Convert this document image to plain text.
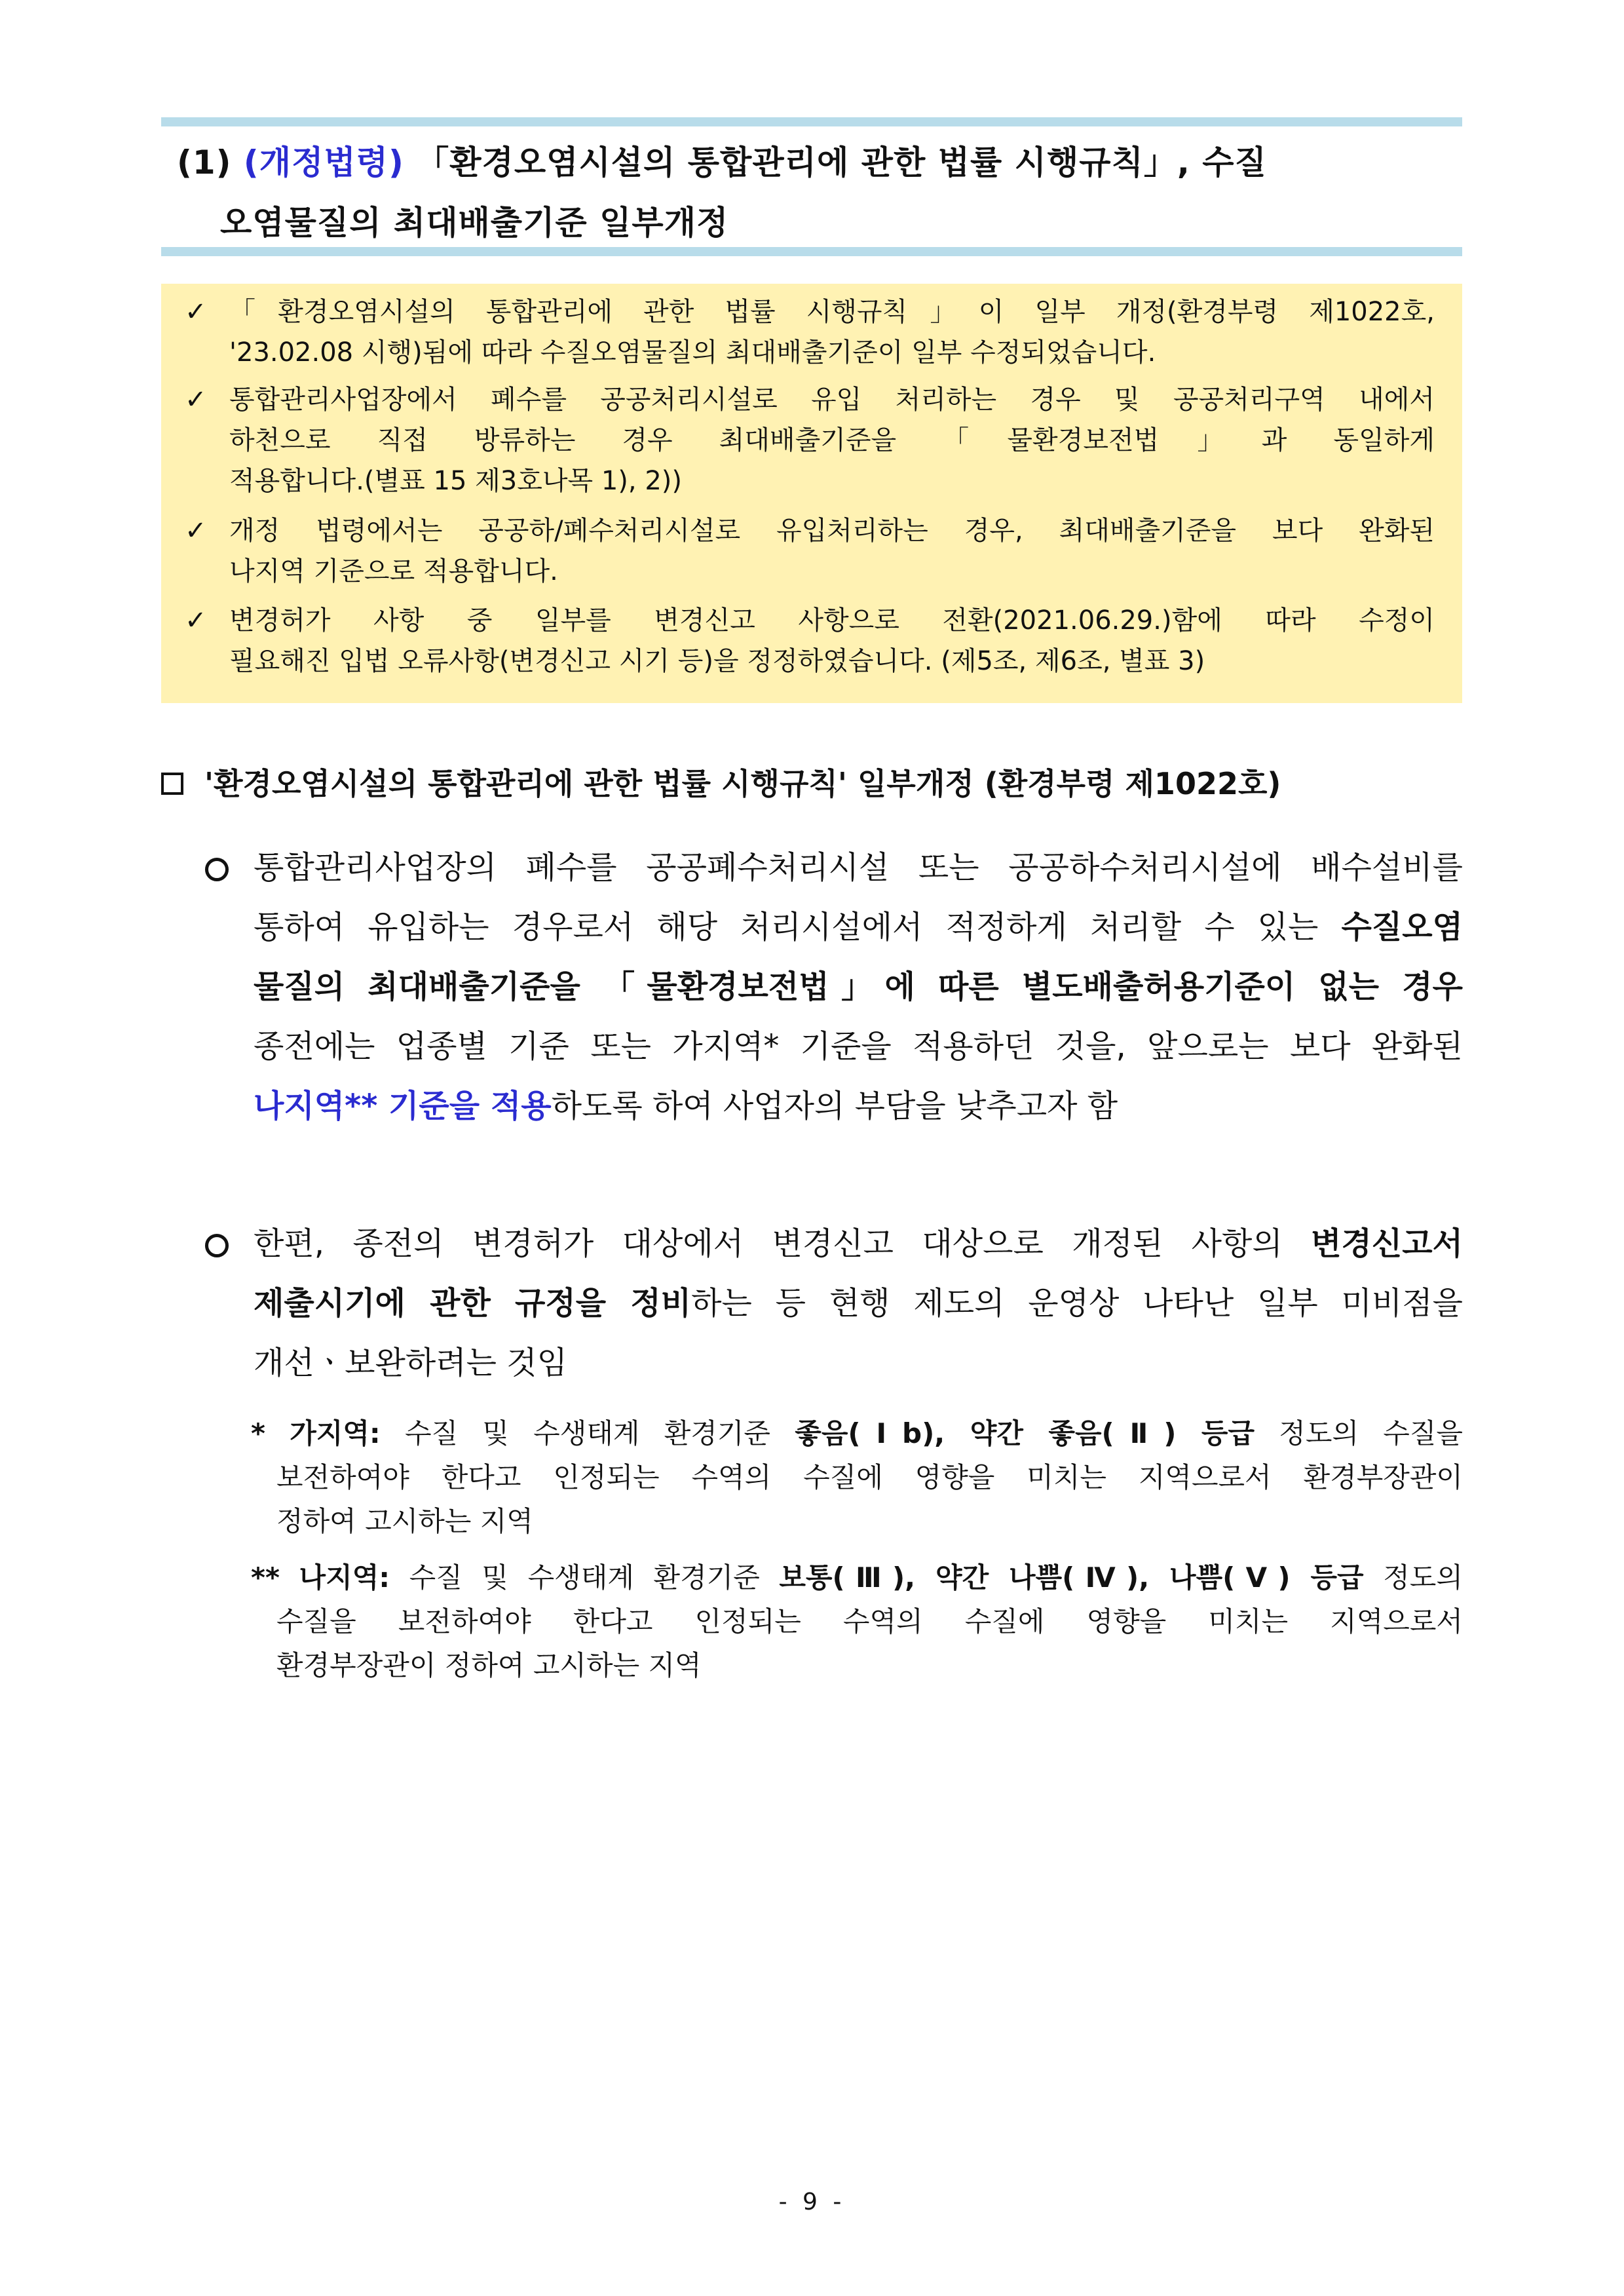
(1) (개정법령) 「환경오염시설의 통합관리에 관한 법률 시행규칙」, 수질
오염물질의 최대배출기준 일부개정
✓ 「환경오염시설의 통합관리에 관한 법률 시행규칙」이 일부 개정(환경부령 제1022호,
'23.02.08 시행)됨에 따라 수질오염물질의 최대배출기준이 일부 수정되었습니다.
✓ 통합관리사업장에서 폐수를 공공처리시설로 유입 처리하는 경우 및 공공처리구역 내에서
하천으로 직접 방류하는 경우 최대배출기준을 「물환경보전법」과 동일하게
적용합니다.(별표 15 제3호나목 1), 2))
✓ 개정 법령에서는 공공하/폐수처리시설로 유입처리하는 경우, 최대배출기준을 보다 완화된
나지역 기준으로 적용합니다.
✓ 변경허가 사항 중 일부를 변경신고 사항으로 전환(2021.06.29.)함에 따라 수정이
필요해진 입법 오류사항(변경신고 시기 등)을 정정하였습니다. (제5조, 제6조, 별표 3)
'환경오염시설의 통합관리에 관한 법률 시행규칙' 일부개정 (환경부령 제1022호)
통합관리사업장의 폐수를 공공폐수처리시설 또는 공공하수처리시설에 배수설비를
통하여 유입하는 경우로서 해당 처리시설에서 적정하게 처리할 수 있는 수질오염
물질의 최대배출기준을 「물환경보전법」에 따른 별도배출허용기준이 없는 경우
종전에는 업종별 기준 또는 가지역* 기준을 적용하던 것을, 앞으로는 보다 완화된
나지역** 기준을 적용하도록 하여 사업자의 부담을 낮추고자 함
한편, 종전의 변경허가 대상에서 변경신고 대상으로 개정된 사항의 변경신고서
제출시기에 관한 규정을 정비하는 등 현행 제도의 운영상 나타난 일부 미비점을
개선ㆍ보완하려는 것임
* 가지역: 수질 및 수생태계 환경기준 좋음(Ⅰb), 약간 좋음(Ⅱ) 등급 정도의 수질을
보전하여야 한다고 인정되는 수역의 수질에 영향을 미치는 지역으로서 환경부장관이
정하여 고시하는 지역
** 나지역: 수질 및 수생태계 환경기준 보통(Ⅲ), 약간 나쁨(Ⅳ), 나쁨(Ⅴ) 등급 정도의
수질을 보전하여야 한다고 인정되는 수역의 수질에 영향을 미치는 지역으로서
환경부장관이 정하여 고시하는 지역
- 9 -
